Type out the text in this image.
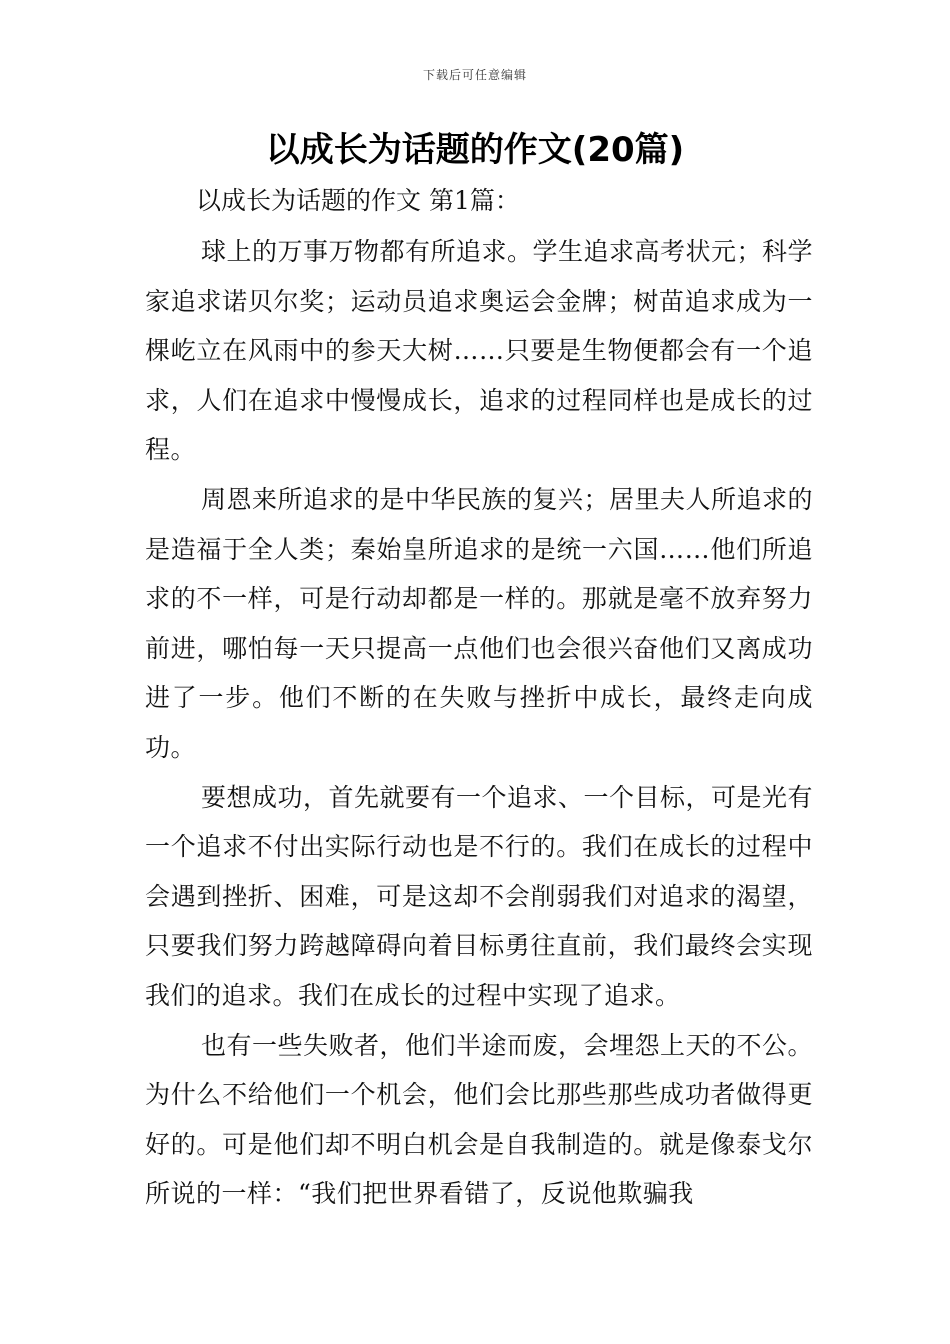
下载后可任意编辑
以成长为话题的作文(20篇)

以成长为话题的作文 第1篇：

球上的万事万物都有所追求。学生追求高考状元；科学家追求诺贝尔奖；运动员追求奥运会金牌；树苗追求成为一棵屹立在风雨中的参天大树……只要是生物便都会有一个追求，人们在追求中慢慢成长，追求的过程同样也是成长的过程。

周恩来所追求的是中华民族的复兴；居里夫人所追求的是造福于全人类；秦始皇所追求的是统一六国……他们所追求的不一样，可是行动却都是一样的。那就是毫不放弃努力前进，哪怕每一天只提高一点他们也会很兴奋他们又离成功进了一步。他们不断的在失败与挫折中成长，最终走向成功。

要想成功，首先就要有一个追求、一个目标，可是光有一个追求不付出实际行动也是不行的。我们在成长的过程中会遇到挫折、困难，可是这却不会削弱我们对追求的渴望，只要我们努力跨越障碍向着目标勇往直前，我们最终会实现我们的追求。我们在成长的过程中实现了追求。

也有一些失败者，他们半途而废，会埋怨上天的不公。为什么不给他们一个机会，他们会比那些那些成功者做得更好的。可是他们却不明白机会是自我制造的。就是像泰戈尔所说的一样：“我们把世界看错了，反说他欺骗我
